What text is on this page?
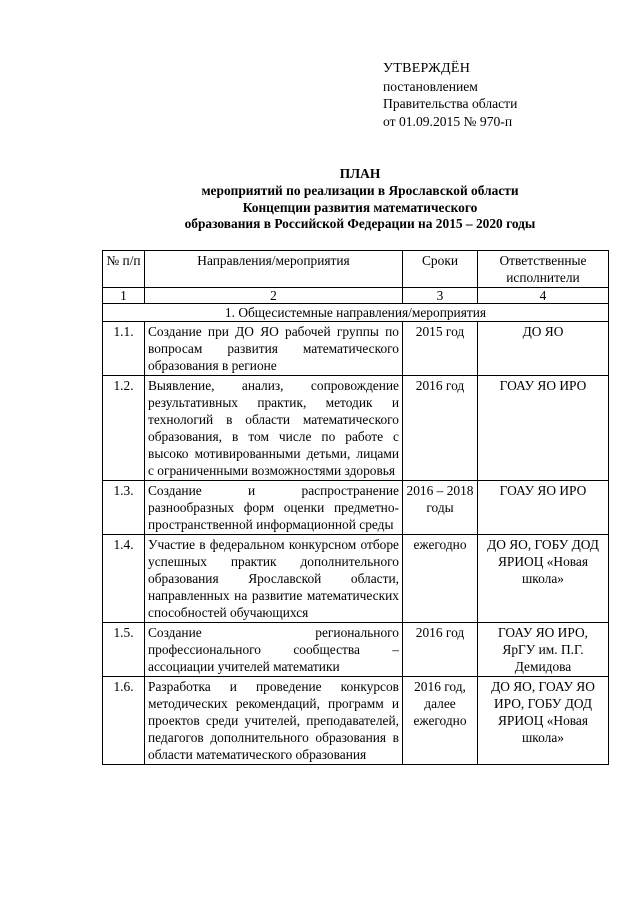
УТВЕРЖДЁН
постановлением
Правительства области
от 01.09.2015 № 970-п
ПЛАН
мероприятий по реализации в Ярославской области
Концепции развития математического
образования в Российской Федерации на 2015 – 2020 годы
№ п/п	Направления/мероприятия	Сроки	Ответственные исполнители
1	2	3	4
1. Общесистемные направления/мероприятия			
1.1.	Создание при ДО ЯО рабочей группы по вопросам развития математического образования в регионе	2015 год	ДО ЯО
1.2.	Выявление, анализ, сопровождение результативных практик, методик и технологий в области математического образования, в том числе по работе с высоко мотивированными детьми, лицами с ограниченными возможностями здоровья	2016 год	ГОАУ ЯО ИРО
1.3.	Создание и распространение разнообразных форм оценки предметно-пространственной информационной среды	2016 – 2018 годы	ГОАУ ЯО ИРО
1.4.	Участие в федеральном конкурсном отборе успешных практик дополнительного образования Ярославской области, направленных на развитие математических способностей обучающихся	ежегодно	ДО ЯО, ГОБУ ДОД ЯРИОЦ «Новая школа»
1.5.	Создание регионального профессионального сообщества – ассоциации учителей математики	2016 год	ГОАУ ЯО ИРО, ЯрГУ им. П.Г. Демидова
1.6.	Разработка и проведение конкурсов методических рекомендаций, программ и проектов среди учителей, преподавателей, педагогов дополнительного образования в области математического образования	2016 год, далее ежегодно	ДО ЯО, ГОАУ ЯО ИРО, ГОБУ ДОД ЯРИОЦ «Новая школа»
